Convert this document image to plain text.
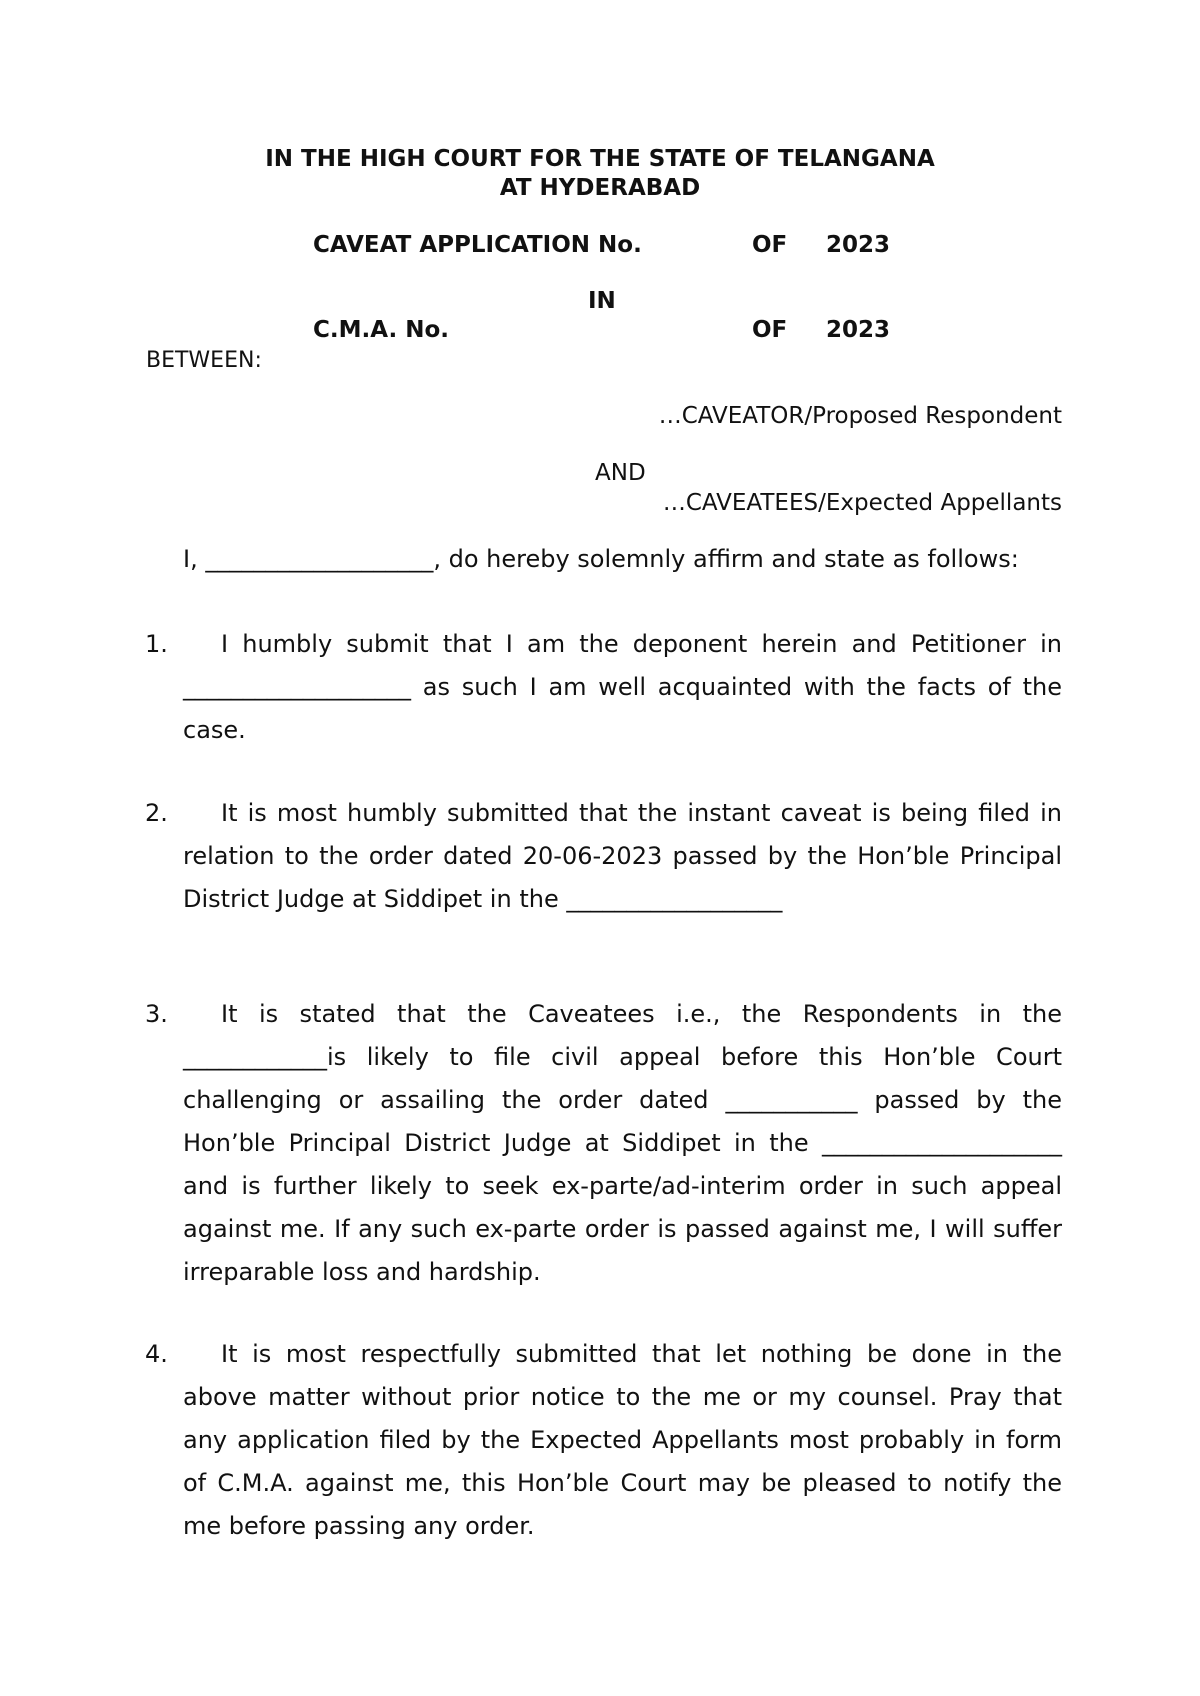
IN THE HIGH COURT FOR THE STATE OF TELANGANA
AT HYDERABAD
CAVEAT APPLICATION No.	OF 2023
IN
C.M.A. No.	OF 2023
BETWEEN:
…CAVEATOR/Proposed Respondent
AND
…CAVEATEES/Expected Appellants
I, ___________________, do hereby solemnly affirm and state as follows:
1.	I humbly submit that I am the deponent herein and Petitioner in ___________________ as such I am well acquainted with the facts of the case.
2.	It is most humbly submitted that the instant caveat is being filed in relation to the order dated 20-06-2023 passed by the Hon’ble Principal District Judge at Siddipet in the __________________
3.	It is stated that the Caveatees i.e., the Respondents in the ____________is likely to file civil appeal before this Hon’ble Court challenging or assailing the order dated ___________ passed by the Hon’ble Principal District Judge at Siddipet in the ____________________ and is further likely to seek ex-parte/ad-interim order in such appeal against me. If any such ex-parte order is passed against me, I will suffer irreparable loss and hardship.
4.	It is most respectfully submitted that let nothing be done in the above matter without prior notice to the me or my counsel. Pray that any application filed by the Expected Appellants most probably in form of C.M.A. against me, this Hon’ble Court may be pleased to notify the me before passing any order.
